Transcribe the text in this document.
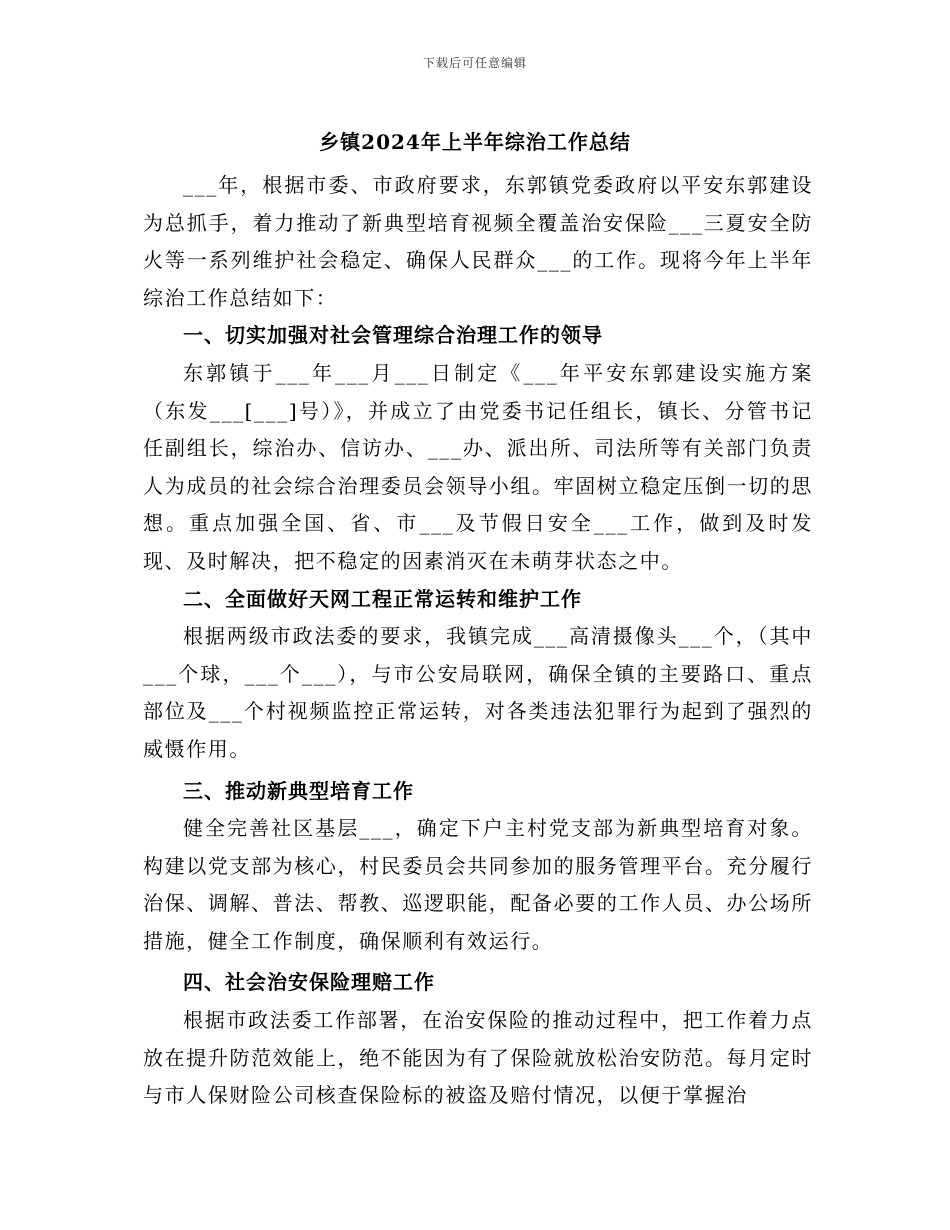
下载后可任意编辑
乡镇2024年上半年综治工作总结

___年，根据市委、市政府要求，东郭镇党委政府以平安东郭建设为总抓手，着力推动了新典型培育视频全覆盖治安保险___三夏安全防火等一系列维护社会稳定、确保人民群众___的工作。现将今年上半年综治工作总结如下：

一、切实加强对社会管理综合治理工作的领导

东郭镇于___年___月___日制定《___年平安东郭建设实施方案（东发___[___]号）》，并成立了由党委书记任组长，镇长、分管书记任副组长，综治办、信访办、___办、派出所、司法所等有关部门负责人为成员的社会综合治理委员会领导小组。牢固树立稳定压倒一切的思想。重点加强全国、省、市___及节假日安全___工作，做到及时发现、及时解决，把不稳定的因素消灭在未萌芽状态之中。

二、全面做好天网工程正常运转和维护工作

根据两级市政法委的要求，我镇完成___高清摄像头___个，（其中___个球，___个___），与市公安局联网，确保全镇的主要路口、重点部位及___个村视频监控正常运转，对各类违法犯罪行为起到了强烈的威慑作用。

三、推动新典型培育工作

健全完善社区基层___，确定下户主村党支部为新典型培育对象。构建以党支部为核心，村民委员会共同参加的服务管理平台。充分履行治保、调解、普法、帮教、巡逻职能，配备必要的工作人员、办公场所措施，健全工作制度，确保顺利有效运行。

四、社会治安保险理赔工作

根据市政法委工作部署，在治安保险的推动过程中，把工作着力点放在提升防范效能上，绝不能因为有了保险就放松治安防范。每月定时与市人保财险公司核查保险标的被盗及赔付情况，以便于掌握治
